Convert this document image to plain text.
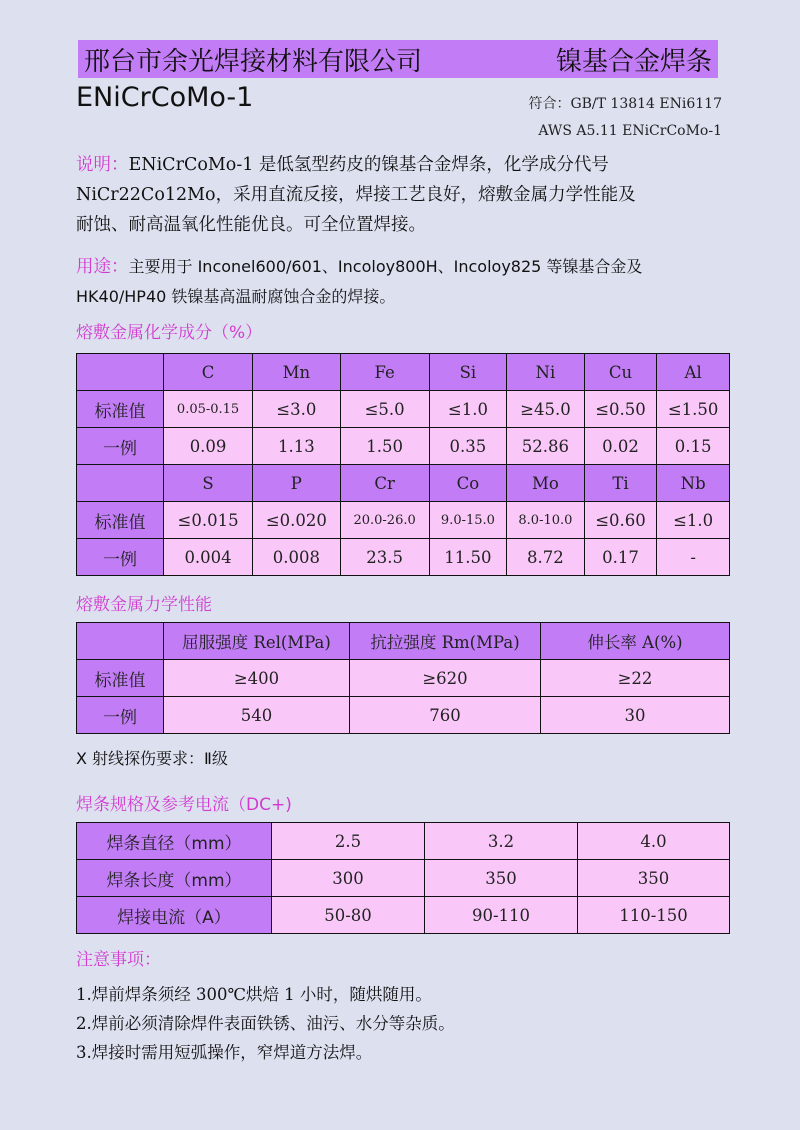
邢台市余光焊接材料有限公司	镍基合金焊条
ENiCrCoMo-1	符合：GB/T 13814 ENi6117
AWS A5.11 ENiCrCoMo-1
说明：ENiCrCoMo-1 是低氢型药皮的镍基合金焊条，化学成分代号
NiCr22Co12Mo，采用直流反接，焊接工艺良好，熔敷金属力学性能及
耐蚀、耐高温氧化性能优良。可全位置焊接。
用途：主要用于 Inconel600/601、Incoloy800H、Incoloy825 等镍基合金及
HK40/HP40 铁镍基高温耐腐蚀合金的焊接。
熔敷金属化学成分（%）
	C	Mn	Fe	Si	Ni	Cu	Al
标准值	0.05-0.15	≤3.0	≤5.0	≤1.0	≥45.0	≤0.50	≤1.50
一例	0.09	1.13	1.50	0.35	52.86	0.02	0.15
	S	P	Cr	Co	Mo	Ti	Nb
标准值	≤0.015	≤0.020	20.0-26.0	9.0-15.0	8.0-10.0	≤0.60	≤1.0
一例	0.004	0.008	23.5	11.50	8.72	0.17	-
熔敷金属力学性能
	屈服强度 Rel(MPa)	抗拉强度 Rm(MPa)	伸长率 A(%)
标准值	≥400	≥620	≥22
一例	540	760	30
X 射线探伤要求：Ⅱ级
焊条规格及参考电流（DC+)
焊条直径（mm）	2.5	3.2	4.0
焊条长度（mm）	300	350	350
焊接电流（A）	50-80	90-110	110-150
注意事项：
1.焊前焊条须经 300℃烘焙 1 小时，随烘随用。
2.焊前必须清除焊件表面铁锈、油污、水分等杂质。
3.焊接时需用短弧操作，窄焊道方法焊。
